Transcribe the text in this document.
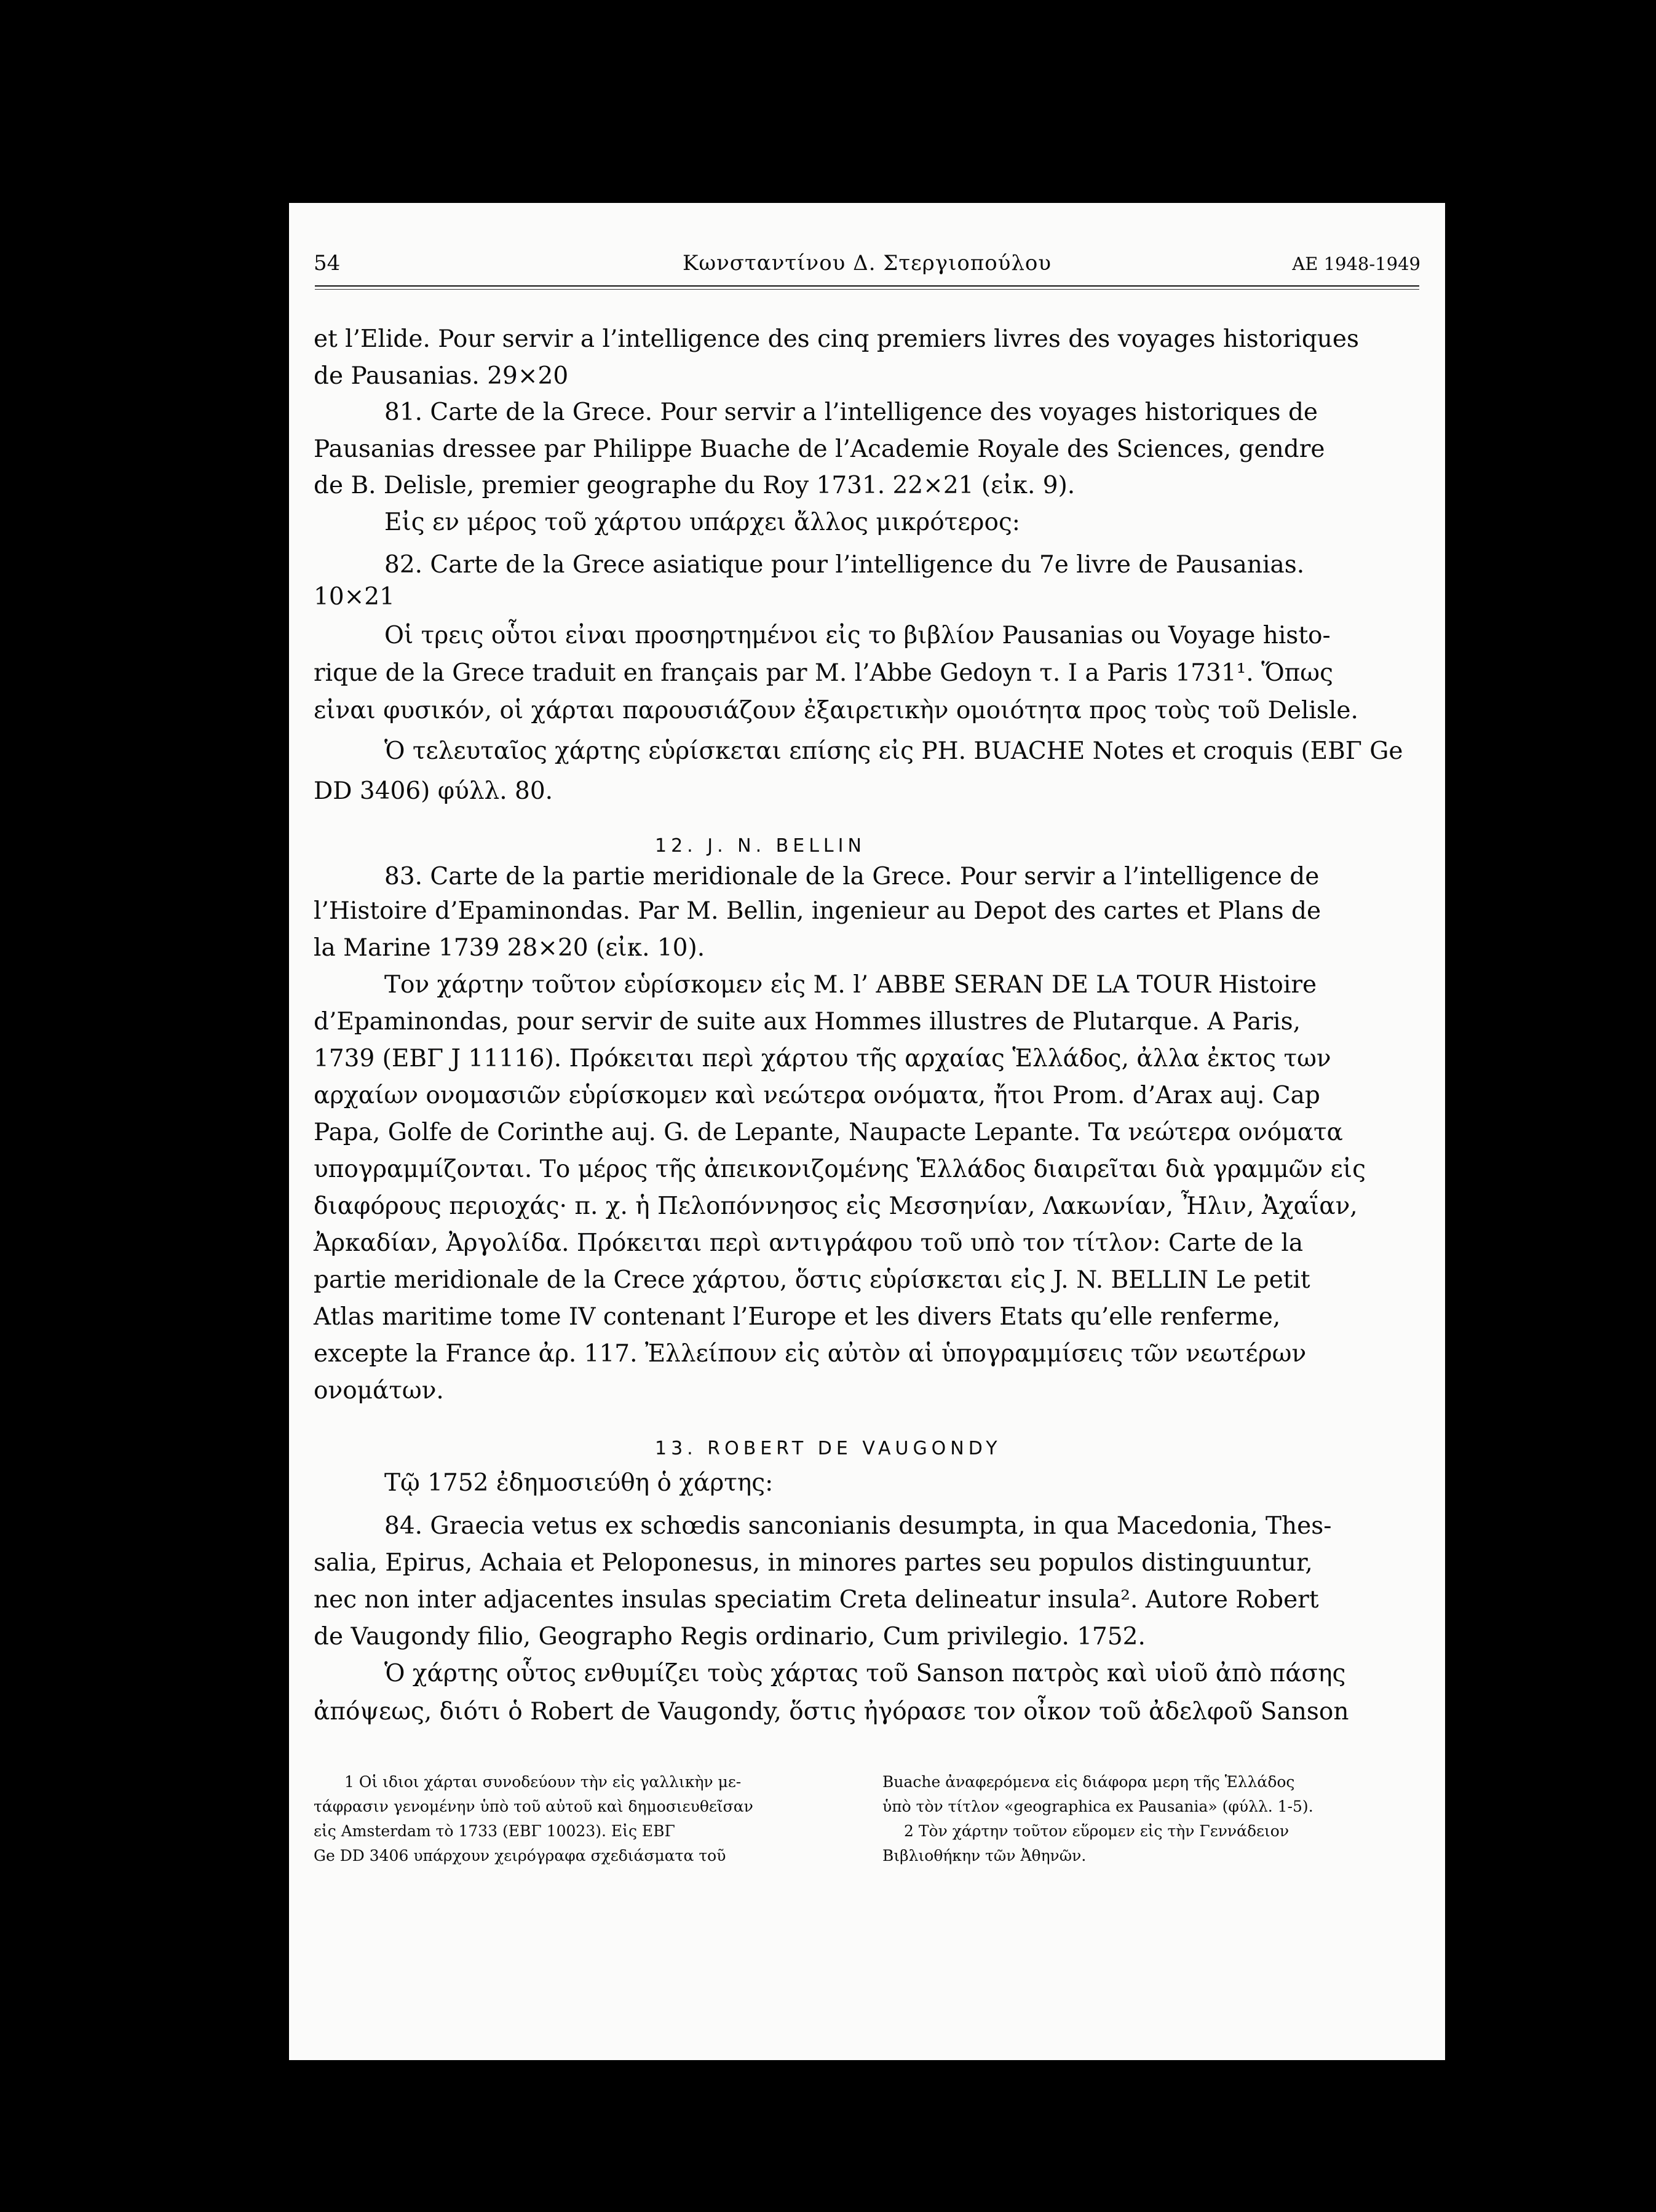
54	Κωνσταντίνου Δ. Στεργιοπούλου	ΑΕ 1948-1949
et l’Elide. Pour servir a l’intelligence des cinq premiers livres des voyages historiques
de Pausanias. 29×20
81. Carte de la Grece. Pour servir a l’intelligence des voyages historiques de
Pausanias dressee par Philippe Buache de l’Academie Royale des Sciences, gendre
de B. Delisle, premier geographe du Roy 1731. 22×21 (εἰκ. 9).
Εἰς εν μέρος τοῦ χάρτου υπάρχει ἄλλος μικρότερος:
82. Carte de la Grece asiatique pour l’intelligence du 7e livre de Pausanias.
10×21
Οἱ τρεις οὗτοι εἰναι προσηρτημένοι εἰς το βιβλίον Pausanias ou Voyage histo-
rique de la Grece traduit en français par M. l’Abbe Gedoyn τ. I a Paris 1731¹. Ὅπως
εἰναι φυσικόν, οἱ χάρται παρουσιάζουν ἐξαιρετικὴν ομοιότητα προς τοὺς τοῦ Delisle.
Ὁ τελευταῖος χάρτης εὑρίσκεται επίσης εἰς PH. BUACHE Notes et croquis (ΕΒΓ Ge
DD 3406) φύλλ. 80.
12. J. N. BELLIN
83. Carte de la partie meridionale de la Grece. Pour servir a l’intelligence de
l’Histoire d’Epaminondas. Par M. Bellin, ingenieur au Depot des cartes et Plans de
la Marine 1739 28×20 (εἰκ. 10).
Τον χάρτην τοῦτον εὑρίσκομεν εἰς M. l’ ABBE SERAN DE LA TOUR Histoire
d’Epaminondas, pour servir de suite aux Hommes illustres de Plutarque. A Paris,
1739 (ΕΒΓ J 11116). Πρόκειται περὶ χάρτου τῆς αρχαίας Ἑλλάδος, ἀλλα ἐκτος των
αρχαίων ονομασιῶν εὑρίσκομεν καὶ νεώτερα ονόματα, ἤτοι Prom. d’Arax auj. Cap
Papa, Golfe de Corinthe auj. G. de Lepante, Naupacte Lepante. Τα νεώτερα ονόματα
υπογραμμίζονται. Το μέρος τῆς ἀπεικονιζομένης Ἑλλάδος διαιρεῖται διὰ γραμμῶν εἰς
διαφόρους περιοχάς· π. χ. ἡ Πελοπόννησος εἰς Μεσσηνίαν, Λακωνίαν, Ἦλιν, Ἀχαΐαν,
Ἀρκαδίαν, Ἀργολίδα. Πρόκειται περὶ αντιγράφου τοῦ υπὸ τον τίτλον: Carte de la
partie meridionale de la Crece χάρτου, ὅστις εὑρίσκεται εἰς J. N. BELLIN Le petit
Atlas maritime tome IV contenant l’Europe et les divers Etats qu’elle renferme,
excepte la France ἀρ. 117. Ἐλλείπουν εἰς αὐτὸν αἱ ὑπογραμμίσεις τῶν νεωτέρων
ονομάτων.
13. ROBERT DE VAUGONDY
Τῷ 1752 ἐδημοσιεύθη ὁ χάρτης:
84. Graecia vetus ex schœdis sanconianis desumpta, in qua Macedonia, Thes-
salia, Epirus, Achaia et Peloponesus, in minores partes seu populos distinguuntur,
nec non inter adjacentes insulas speciatim Creta delineatur insula². Autore Robert
de Vaugondy filio, Geographo Regis ordinario, Cum privilegio. 1752.
Ὁ χάρτης οὗτος ενθυμίζει τοὺς χάρτας τοῦ Sanson πατρὸς καὶ υἱοῦ ἀπὸ πάσης
ἀπόψεως, διότι ὁ Robert de Vaugondy, ὅστις ἠγόρασε τον οἶκον τοῦ ἀδελφοῦ Sanson
1 Οἱ ιδιοι χάρται συνοδεύουν τὴν εἰς γαλλικὴν με-
τάφρασιν γενομένην ὑπὸ τοῦ αὐτοῦ καὶ δημοσιευθεῖσαν
εἰς Amsterdam τὸ 1733 (ΕΒΓ 10023). Εἰς ΕΒΓ
Ge DD 3406 υπάρχουν χειρόγραφα σχεδιάσματα τοῦ
Buache ἀναφερόμενα εἰς διάφορα μερη τῆς Ἑλλάδος
ὑπὸ τὸν τίτλον «geographica ex Pausania» (φύλλ. 1-5).
2 Τὸν χάρτην τοῦτον εὕρομεν εἰς τὴν Γεννάδειον
Βιβλιοθήκην τῶν Ἀθηνῶν.
